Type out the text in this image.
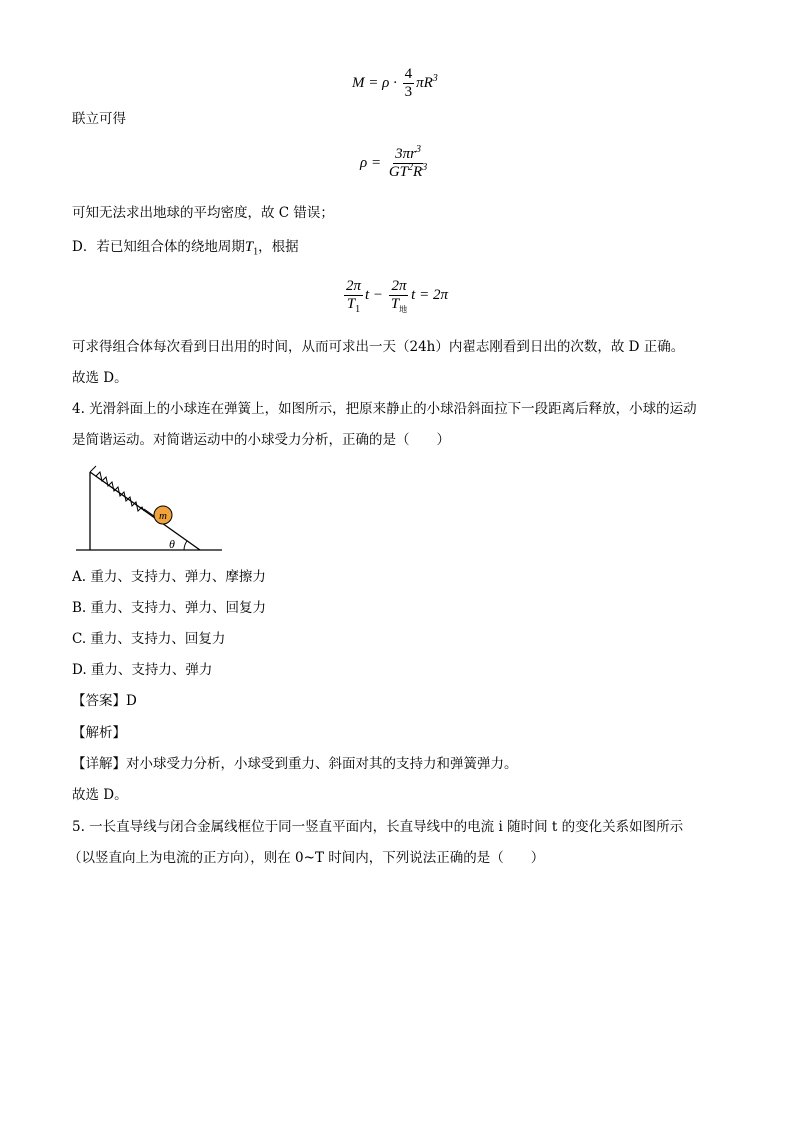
$M = \rho \cdot \frac{4}{3} \pi R^3$
联立可得
$\rho = \frac{3\pi r^3}{GT^2R^3}$
可知无法求出地球的平均密度，故 C 错误；
D．若已知组合体的绕地周期$T_1$，根据
$\frac{2\pi}{T_1}$ $t - \frac{2\pi}{T_地}$ t = 2π
可求得组合体每次看到日出用的时间，从而可求出一天（24h）内翟志刚看到日出的次数，故 D 正确。
故选 D。
4. 光滑斜面上的小球连在弹簧上，如图所示，把原来静止的小球沿斜面拉下一段距离后释放，小球的运动
是简谐运动。对简谐运动中的小球受力分析，正确的是（　　）
m
θ
A. 重力、支持力、弹力、摩擦力
B. 重力、支持力、弹力、回复力
C. 重力、支持力、回复力
D. 重力、支持力、弹力
【答案】D
【解析】
【详解】对小球受力分析，小球受到重力、斜面对其的支持力和弹簧弹力。
故选 D。
5. 一长直导线与闭合金属线框位于同一竖直平面内，长直导线中的电流 i 随时间 t 的变化关系如图所示
（以竖直向上为电流的正方向），则在 0~T 时间内，下列说法正确的是（　　）
